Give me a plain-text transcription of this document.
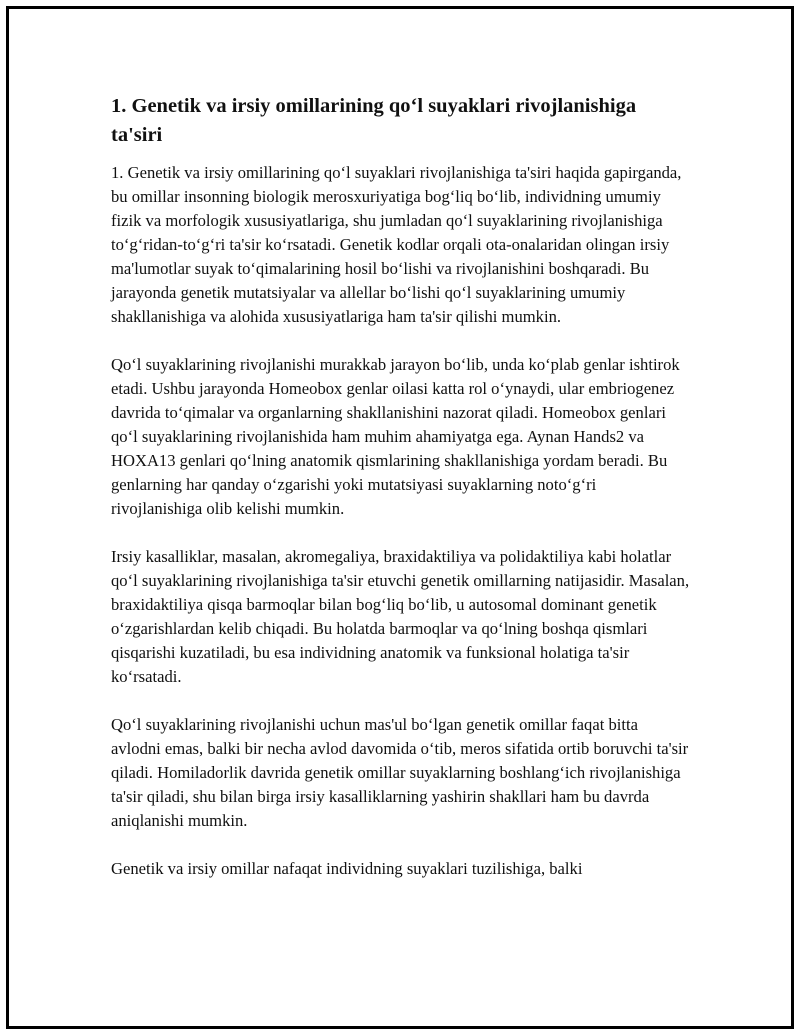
1. Genetik va irsiy omillarining qo‘l suyaklari rivojlanishiga ta'siri

1. Genetik va irsiy omillarining qo‘l suyaklari rivojlanishiga ta'siri haqida gapirganda, bu omillar insonning biologik merosxuriyatiga bog‘liq bo‘lib, individning umumiy fizik va morfologik xususiyatlariga, shu jumladan qo‘l suyaklarining rivojlanishiga to‘g‘ridan-to‘g‘ri ta'sir ko‘rsatadi. Genetik kodlar orqali ota-onalaridan olingan irsiy ma'lumotlar suyak to‘qimalarining hosil bo‘lishi va rivojlanishini boshqaradi. Bu jarayonda genetik mutatsiyalar va allellar bo‘lishi qo‘l suyaklarining umumiy shakllanishiga va alohida xususiyatlariga ham ta'sir qilishi mumkin.

Qo‘l suyaklarining rivojlanishi murakkab jarayon bo‘lib, unda ko‘plab genlar ishtirok etadi. Ushbu jarayonda Homeobox genlar oilasi katta rol o‘ynaydi, ular embriogenez davrida to‘qimalar va organlarning shakllanishini nazorat qiladi. Homeobox genlari qo‘l suyaklarining rivojlanishida ham muhim ahamiyatga ega. Aynan Hands2 va HOXA13 genlari qo‘lning anatomik qismlarining shakllanishiga yordam beradi. Bu genlarning har qanday o‘zgarishi yoki mutatsiyasi suyaklarning noto‘g‘ri rivojlanishiga olib kelishi mumkin.

Irsiy kasalliklar, masalan, akromegaliya, braxidaktiliya va polidaktiliya kabi holatlar qo‘l suyaklarining rivojlanishiga ta'sir etuvchi genetik omillarning natijasidir. Masalan, braxidaktiliya qisqa barmoqlar bilan bog‘liq bo‘lib, u autosomal dominant genetik o‘zgarishlardan kelib chiqadi. Bu holatda barmoqlar va qo‘lning boshqa qismlari qisqarishi kuzatiladi, bu esa individning anatomik va funksional holatiga ta'sir ko‘rsatadi.

Qo‘l suyaklarining rivojlanishi uchun mas'ul bo‘lgan genetik omillar faqat bitta avlodni emas, balki bir necha avlod davomida o‘tib, meros sifatida ortib boruvchi ta'sir qiladi. Homiladorlik davrida genetik omillar suyaklarning boshlang‘ich rivojlanishiga ta'sir qiladi, shu bilan birga irsiy kasalliklarning yashirin shakllari ham bu davrda aniqlanishi mumkin.

Genetik va irsiy omillar nafaqat individning suyaklari tuzilishiga, balki
